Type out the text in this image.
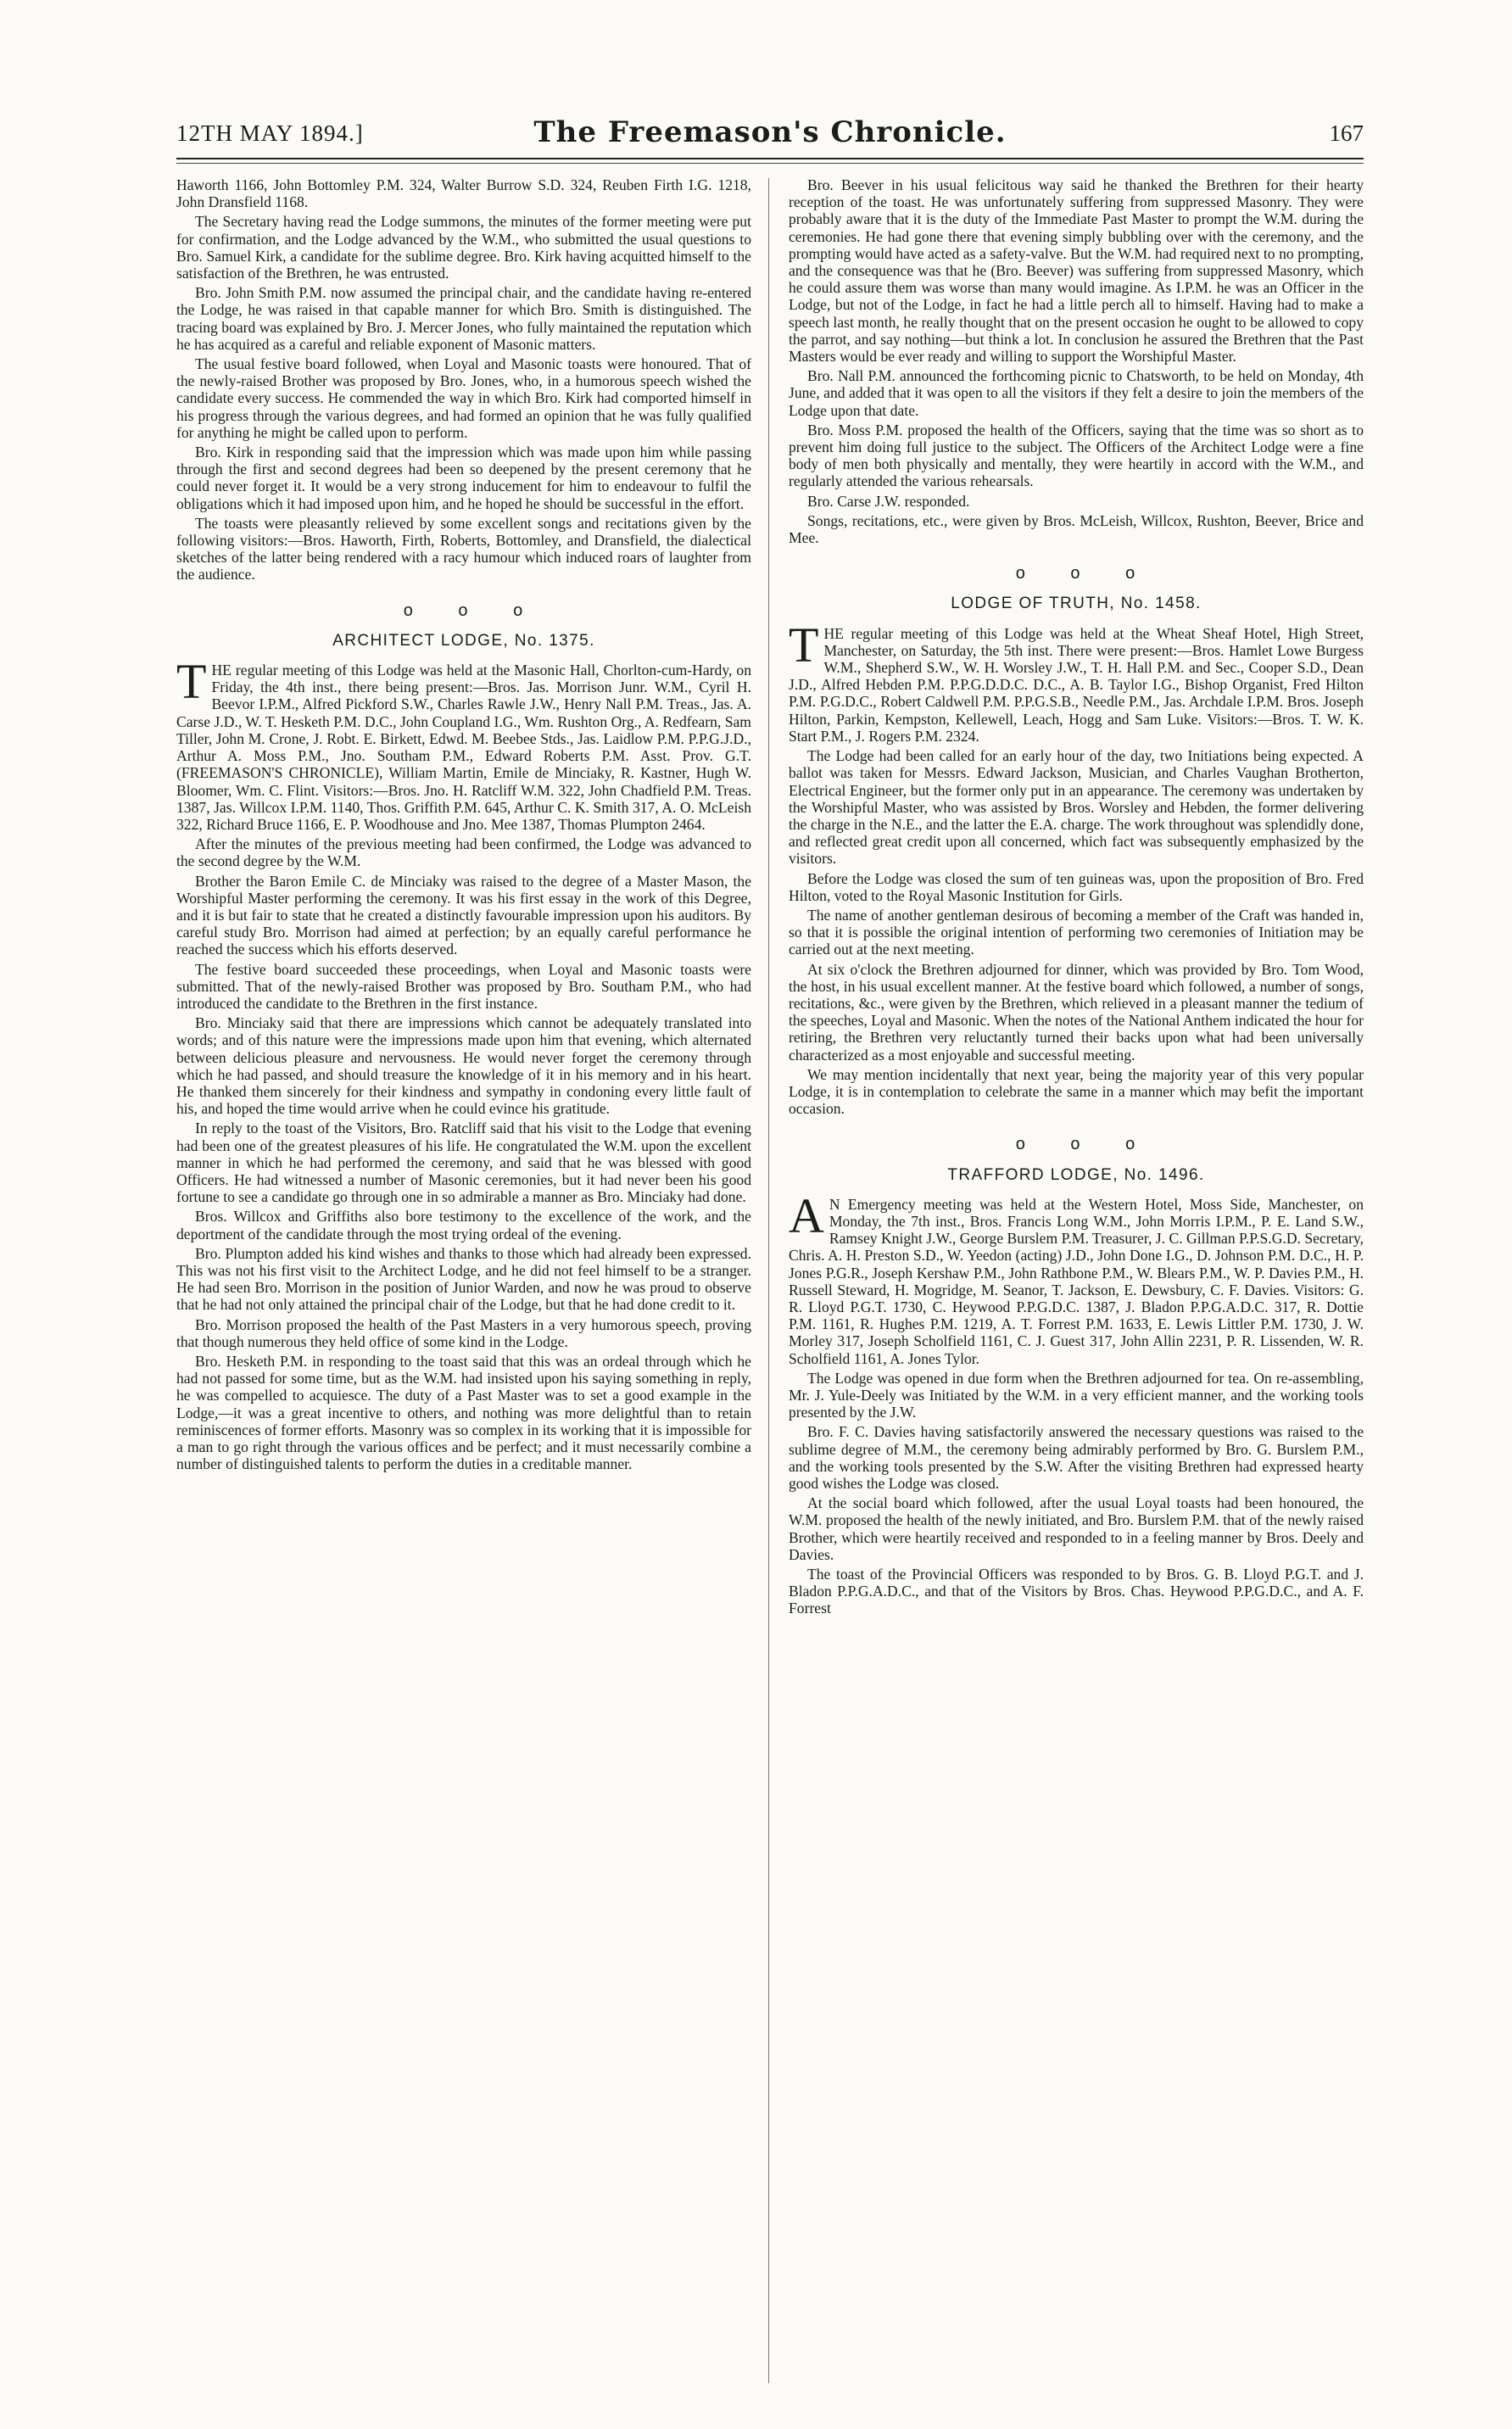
12TH MAY 1894.]	The Freemason's Chronicle.	167

Haworth 1166, John Bottomley P.M. 324, Walter Burrow S.D. 324, Reuben Firth I.G. 1218, John Dransfield 1168.

The Secretary having read the Lodge summons, the minutes of the former meeting were put for confirmation, and the Lodge advanced by the W.M., who submitted the usual questions to Bro. Samuel Kirk, a candidate for the sublime degree. Bro. Kirk having acquitted himself to the satisfaction of the Brethren, he was entrusted.

Bro. John Smith P.M. now assumed the principal chair, and the candidate having re-entered the Lodge, he was raised in that capable manner for which Bro. Smith is distinguished. The tracing board was explained by Bro. J. Mercer Jones, who fully maintained the reputation which he has acquired as a careful and reliable exponent of Masonic matters.

The usual festive board followed, when Loyal and Masonic toasts were honoured. That of the newly-raised Brother was proposed by Bro. Jones, who, in a humorous speech wished the candidate every success. He commended the way in which Bro. Kirk had comported himself in his progress through the various degrees, and had formed an opinion that he was fully qualified for anything he might be called upon to perform.

Bro. Kirk in responding said that the impression which was made upon him while passing through the first and second degrees had been so deepened by the present ceremony that he could never forget it. It would be a very strong inducement for him to endeavour to fulfil the obligations which it had imposed upon him, and he hoped he should be successful in the effort.

The toasts were pleasantly relieved by some excellent songs and recitations given by the following visitors:—Bros. Haworth, Firth, Roberts, Bottomley, and Dransfield, the dialectical sketches of the latter being rendered with a racy humour which induced roars of laughter from the audience.

o o o
ARCHITECT LODGE, No. 1375.

THE regular meeting of this Lodge was held at the Masonic Hall, Chorlton-cum-Hardy, on Friday, the 4th inst., there being present:—Bros. Jas. Morrison Junr. W.M., Cyril H. Beevor I.P.M., Alfred Pickford S.W., Charles Rawle J.W., Henry Nall P.M. Treas., Jas. A. Carse J.D., W. T. Hesketh P.M. D.C., John Coupland I.G., Wm. Rushton Org., A. Redfearn, Sam Tiller, John M. Crone, J. Robt. E. Birkett, Edwd. M. Beebee Stds., Jas. Laidlow P.M. P.P.G.J.D., Arthur A. Moss P.M., Jno. Southam P.M., Edward Roberts P.M. Asst. Prov. G.T. (FREEMASON'S CHRONICLE), William Martin, Emile de Minciaky, R. Kastner, Hugh W. Bloomer, Wm. C. Flint. Visitors:—Bros. Jno. H. Ratcliff W.M. 322, John Chadfield P.M. Treas. 1387, Jas. Willcox I.P.M. 1140, Thos. Griffith P.M. 645, Arthur C. K. Smith 317, A. O. McLeish 322, Richard Bruce 1166, E. P. Woodhouse and Jno. Mee 1387, Thomas Plumpton 2464.

After the minutes of the previous meeting had been confirmed, the Lodge was advanced to the second degree by the W.M.

Brother the Baron Emile C. de Minciaky was raised to the degree of a Master Mason, the Worshipful Master performing the ceremony. It was his first essay in the work of this Degree, and it is but fair to state that he created a distinctly favourable impression upon his auditors. By careful study Bro. Morrison had aimed at perfection; by an equally careful performance he reached the success which his efforts deserved.

The festive board succeeded these proceedings, when Loyal and Masonic toasts were submitted. That of the newly-raised Brother was proposed by Bro. Southam P.M., who had introduced the candidate to the Brethren in the first instance.

Bro. Minciaky said that there are impressions which cannot be adequately translated into words; and of this nature were the impressions made upon him that evening, which alternated between delicious pleasure and nervousness. He would never forget the ceremony through which he had passed, and should treasure the knowledge of it in his memory and in his heart. He thanked them sincerely for their kindness and sympathy in condoning every little fault of his, and hoped the time would arrive when he could evince his gratitude.

In reply to the toast of the Visitors, Bro. Ratcliff said that his visit to the Lodge that evening had been one of the greatest pleasures of his life. He congratulated the W.M. upon the excellent manner in which he had performed the ceremony, and said that he was blessed with good Officers. He had witnessed a number of Masonic ceremonies, but it had never been his good fortune to see a candidate go through one in so admirable a manner as Bro. Minciaky had done.

Bros. Willcox and Griffiths also bore testimony to the excellence of the work, and the deportment of the candidate through the most trying ordeal of the evening.

Bro. Plumpton added his kind wishes and thanks to those which had already been expressed. This was not his first visit to the Architect Lodge, and he did not feel himself to be a stranger. He had seen Bro. Morrison in the position of Junior Warden, and now he was proud to observe that he had not only attained the principal chair of the Lodge, but that he had done credit to it.

Bro. Morrison proposed the health of the Past Masters in a very humorous speech, proving that though numerous they held office of some kind in the Lodge.

Bro. Hesketh P.M. in responding to the toast said that this was an ordeal through which he had not passed for some time, but as the W.M. had insisted upon his saying something in reply, he was compelled to acquiesce. The duty of a Past Master was to set a good example in the Lodge,—it was a great incentive to others, and nothing was more delightful than to retain reminiscences of former efforts. Masonry was so complex in its working that it is impossible for a man to go right through the various offices and be perfect; and it must necessarily combine a number of distinguished talents to perform the duties in a creditable manner.

Bro. Beever in his usual felicitous way said he thanked the Brethren for their hearty reception of the toast. He was unfortunately suffering from suppressed Masonry. They were probably aware that it is the duty of the Immediate Past Master to prompt the W.M. during the ceremonies. He had gone there that evening simply bubbling over with the ceremony, and the prompting would have acted as a safety-valve. But the W.M. had required next to no prompting, and the consequence was that he (Bro. Beever) was suffering from suppressed Masonry, which he could assure them was worse than many would imagine. As I.P.M. he was an Officer in the Lodge, but not of the Lodge, in fact he had a little perch all to himself. Having had to make a speech last month, he really thought that on the present occasion he ought to be allowed to copy the parrot, and say nothing—but think a lot. In conclusion he assured the Brethren that the Past Masters would be ever ready and willing to support the Worshipful Master.

Bro. Nall P.M. announced the forthcoming picnic to Chatsworth, to be held on Monday, 4th June, and added that it was open to all the visitors if they felt a desire to join the members of the Lodge upon that date.

Bro. Moss P.M. proposed the health of the Officers, saying that the time was so short as to prevent him doing full justice to the subject. The Officers of the Architect Lodge were a fine body of men both physically and mentally, they were heartily in accord with the W.M., and regularly attended the various rehearsals.

Bro. Carse J.W. responded.

Songs, recitations, etc., were given by Bros. McLeish, Willcox, Rushton, Beever, Brice and Mee.

o o o
LODGE OF TRUTH, No. 1458.

THE regular meeting of this Lodge was held at the Wheat Sheaf Hotel, High Street, Manchester, on Saturday, the 5th inst. There were present:—Bros. Hamlet Lowe Burgess W.M., Shepherd S.W., W. H. Worsley J.W., T. H. Hall P.M. and Sec., Cooper S.D., Dean J.D., Alfred Hebden P.M. P.P.G.D.D.C. D.C., A. B. Taylor I.G., Bishop Organist, Fred Hilton P.M. P.G.D.C., Robert Caldwell P.M. P.P.G.S.B., Needle P.M., Jas. Archdale I.P.M. Bros. Joseph Hilton, Parkin, Kempston, Kellewell, Leach, Hogg and Sam Luke. Visitors:—Bros. T. W. K. Start P.M., J. Rogers P.M. 2324.

The Lodge had been called for an early hour of the day, two Initiations being expected. A ballot was taken for Messrs. Edward Jackson, Musician, and Charles Vaughan Brotherton, Electrical Engineer, but the former only put in an appearance. The ceremony was undertaken by the Worshipful Master, who was assisted by Bros. Worsley and Hebden, the former delivering the charge in the N.E., and the latter the E.A. charge. The work throughout was splendidly done, and reflected great credit upon all concerned, which fact was subsequently emphasized by the visitors.

Before the Lodge was closed the sum of ten guineas was, upon the proposition of Bro. Fred Hilton, voted to the Royal Masonic Institution for Girls.

The name of another gentleman desirous of becoming a member of the Craft was handed in, so that it is possible the original intention of performing two ceremonies of Initiation may be carried out at the next meeting.

At six o'clock the Brethren adjourned for dinner, which was provided by Bro. Tom Wood, the host, in his usual excellent manner. At the festive board which followed, a number of songs, recitations, &c., were given by the Brethren, which relieved in a pleasant manner the tedium of the speeches, Loyal and Masonic. When the notes of the National Anthem indicated the hour for retiring, the Brethren very reluctantly turned their backs upon what had been universally characterized as a most enjoyable and successful meeting.

We may mention incidentally that next year, being the majority year of this very popular Lodge, it is in contemplation to celebrate the same in a manner which may befit the important occasion.

o o o
TRAFFORD LODGE, No. 1496.

A N Emergency meeting was held at the Western Hotel, Moss Side, Manchester, on Monday, the 7th inst., Bros. Francis Long W.M., John Morris I.P.M., P. E. Land S.W., Ramsey Knight J.W., George Burslem P.M. Treasurer, J. C. Gillman P.P.S.G.D. Secretary, Chris. A. H. Preston S.D., W. Yeedon (acting) J.D., John Done I.G., D. Johnson P.M. D.C., H. P. Jones P.G.R., Joseph Kershaw P.M., John Rathbone P.M., W. Blears P.M., W. P. Davies P.M., H. Russell Steward, H. Mogridge, M. Seanor, T. Jackson, E. Dewsbury, C. F. Davies. Visitors: G. R. Lloyd P.G.T. 1730, C. Heywood P.P.G.D.C. 1387, J. Bladon P.P.G.A.D.C. 317, R. Dottie P.M. 1161, R. Hughes P.M. 1219, A. T. Forrest P.M. 1633, E. Lewis Littler P.M. 1730, J. W. Morley 317, Joseph Scholfield 1161, C. J. Guest 317, John Allin 2231, P. R. Lissenden, W. R. Scholfield 1161, A. Jones Tylor.

The Lodge was opened in due form when the Brethren adjourned for tea. On re-assembling, Mr. J. Yule-Deely was Initiated by the W.M. in a very efficient manner, and the working tools presented by the J.W.

Bro. F. C. Davies having satisfactorily answered the necessary questions was raised to the sublime degree of M.M., the ceremony being admirably performed by Bro. G. Burslem P.M., and the working tools presented by the S.W. After the visiting Brethren had expressed hearty good wishes the Lodge was closed.

At the social board which followed, after the usual Loyal toasts had been honoured, the W.M. proposed the health of the newly initiated, and Bro. Burslem P.M. that of the newly raised Brother, which were heartily received and responded to in a feeling manner by Bros. Deely and Davies.

The toast of the Provincial Officers was responded to by Bros. G. B. Lloyd P.G.T. and J. Bladon P.P.G.A.D.C., and that of the Visitors by Bros. Chas. Heywood P.P.G.D.C., and A. F. Forrest
